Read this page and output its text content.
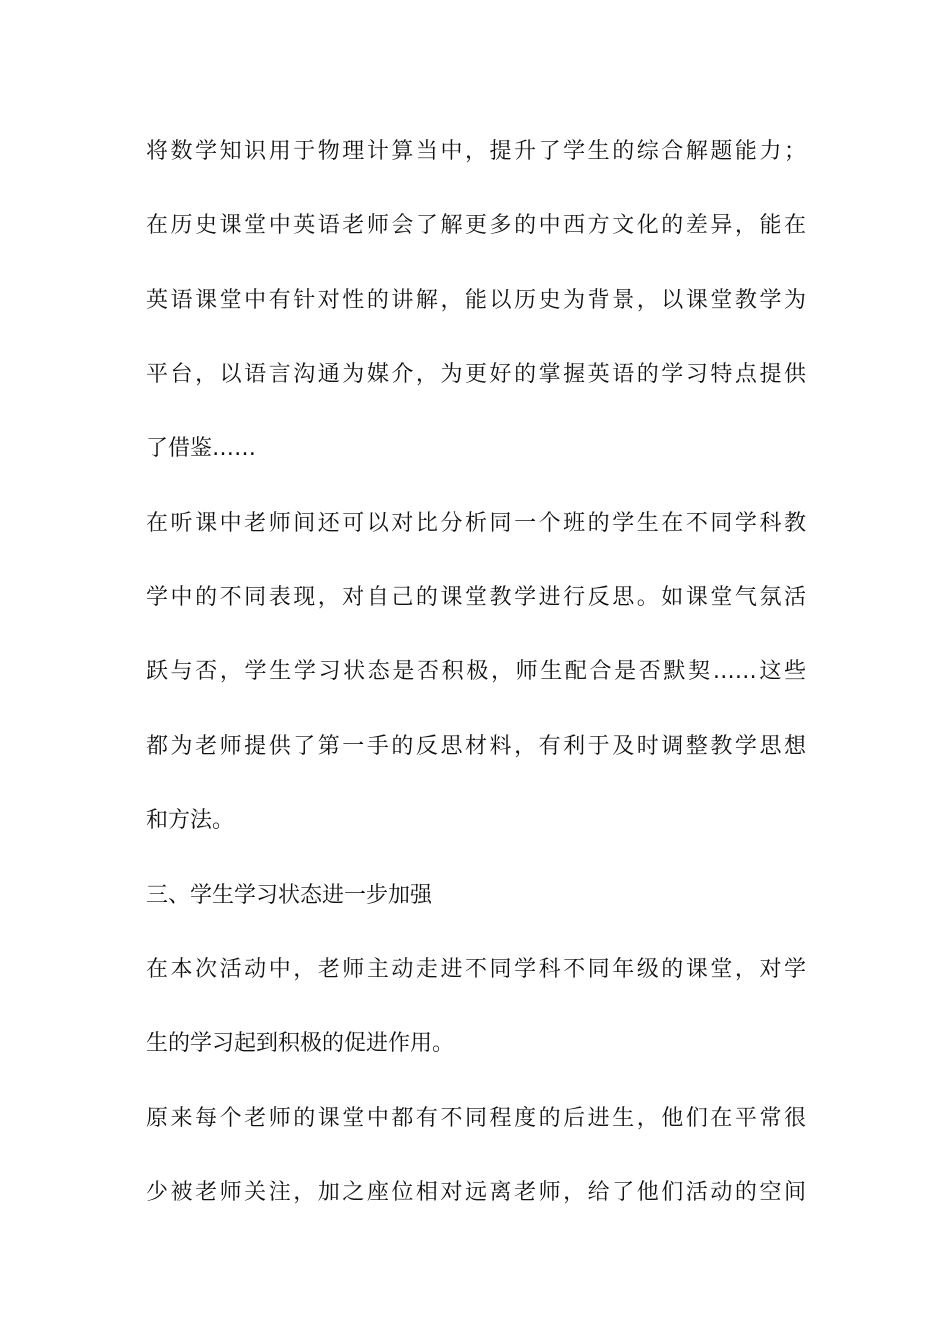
将数学知识用于物理计算当中，提升了学生的综合解题能力；
在历史课堂中英语老师会了解更多的中西方文化的差异，能在
英语课堂中有针对性的讲解，能以历史为背景，以课堂教学为
平台，以语言沟通为媒介，为更好的掌握英语的学习特点提供
了借鉴……
在听课中老师间还可以对比分析同一个班的学生在不同学科教
学中的不同表现，对自己的课堂教学进行反思。如课堂气氛活
跃与否，学生学习状态是否积极，师生配合是否默契……这些
都为老师提供了第一手的反思材料，有利于及时调整教学思想
和方法。
三、学生学习状态进一步加强
在本次活动中，老师主动走进不同学科不同年级的课堂，对学
生的学习起到积极的促进作用。
原来每个老师的课堂中都有不同程度的后进生，他们在平常很
少被老师关注，加之座位相对远离老师，给了他们活动的空间
